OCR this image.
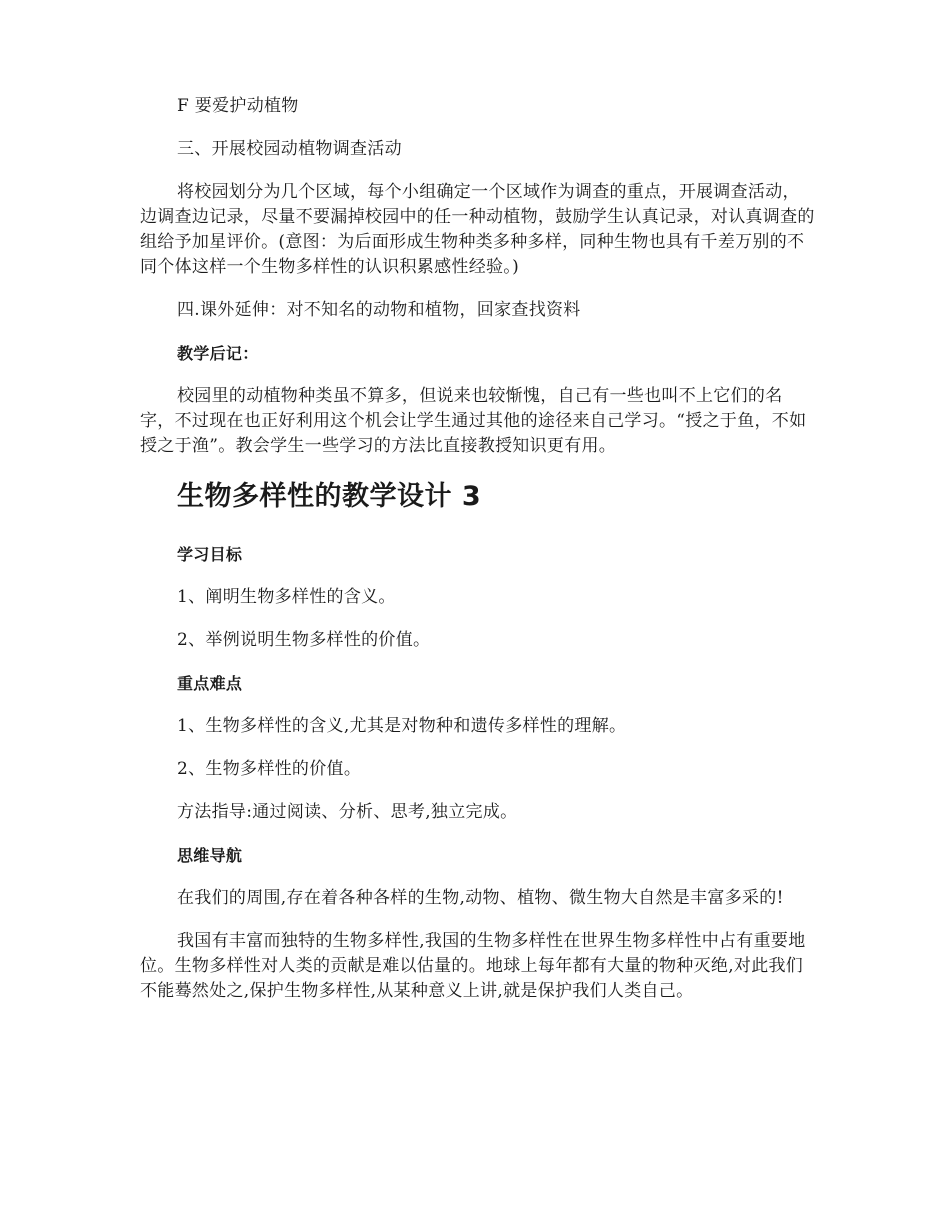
F 要爱护动植物

三、开展校园动植物调查活动

将校园划分为几个区域，每个小组确定一个区域作为调查的重点，开展调查活动，边调查边记录，尽量不要漏掉校园中的任一种动植物，鼓励学生认真记录，对认真调查的组给予加星评价。(意图：为后面形成生物种类多种多样，同种生物也具有千差万别的不同个体这样一个生物多样性的认识积累感性经验。)

四.课外延伸：对不知名的动物和植物，回家查找资料

教学后记：

校园里的动植物种类虽不算多，但说来也较惭愧，自己有一些也叫不上它们的名字，不过现在也正好利用这个机会让学生通过其他的途径来自己学习。“授之于鱼，不如授之于渔”。教会学生一些学习的方法比直接教授知识更有用。

生物多样性的教学设计 3

学习目标

1、阐明生物多样性的含义。

2、举例说明生物多样性的价值。

重点难点

1、生物多样性的含义,尤其是对物种和遗传多样性的理解。

2、生物多样性的价值。

方法指导:通过阅读、分析、思考,独立完成。

思维导航

在我们的周围,存在着各种各样的生物,动物、植物、微生物大自然是丰富多采的!

我国有丰富而独特的生物多样性,我国的生物多样性在世界生物多样性中占有重要地位。生物多样性对人类的贡献是难以估量的。地球上每年都有大量的物种灭绝,对此我们不能蓦然处之,保护生物多样性,从某种意义上讲,就是保护我们人类自己。
